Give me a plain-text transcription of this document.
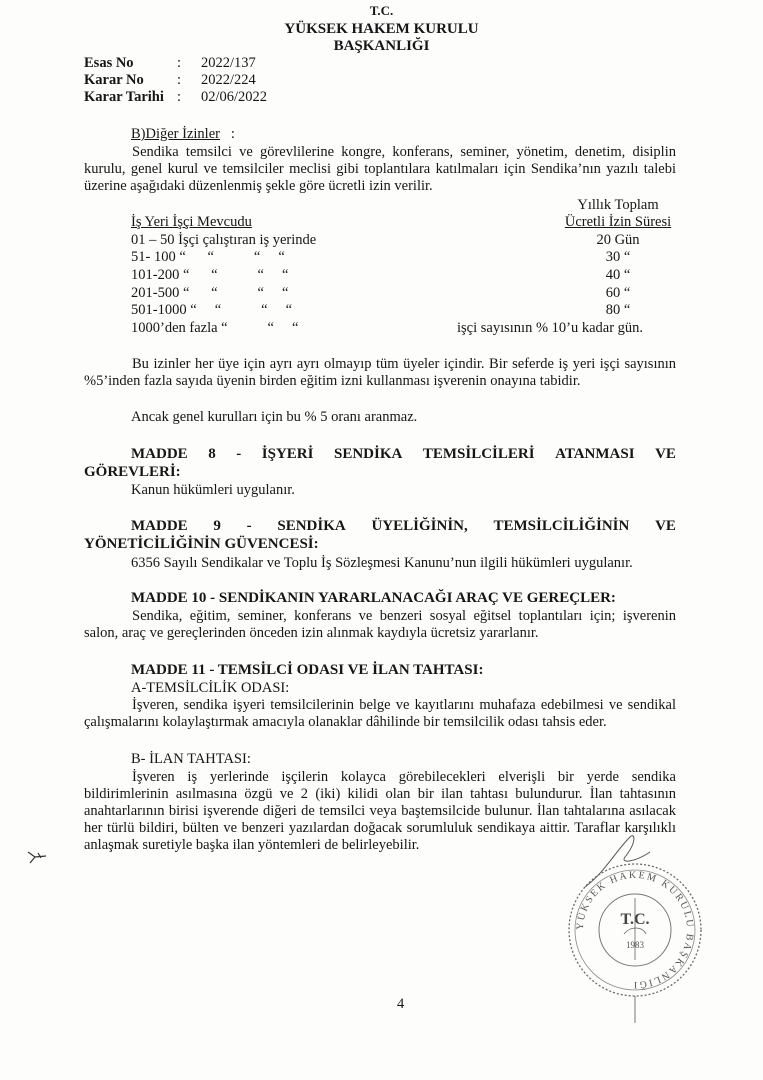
T.C.
YÜKSEK HAKEM KURULU
BAŞKANLIĞI
Esas No	: 2022/137
Karar No : 2022/224
Karar Tarihi : 02/06/2022
B)Diğer İzinler :
Sendika temsilci ve görevlilerine kongre, konferans, seminer, yönetim, denetim, disiplin kurulu, genel kurul ve temsilciler meclisi gibi toplantılara katılmaları için Sendika’nın yazılı talebi üzerine aşağıdaki düzenlenmiş şekle göre ücretli izin verilir.
Yıllık Toplam
İş Yeri İşçi Mevcudu	Ücretli İzin Süresi
01 – 50 İşçi çalıştıran iş yerinde	20 Gün
51- 100 “      “           “     “	30 “
101-200 “      “           “     “	40 “
201-500 “      “           “     “	60 “
501-1000 “     “           “     “	80 “
1000’den fazla “           “     “	işçi sayısının % 10’u kadar gün.
Bu izinler her üye için ayrı ayrı olmayıp tüm üyeler içindir. Bir seferde iş yeri işçi sayısının %5’inden fazla sayıda üyenin birden eğitim izni kullanması işverenin onayına tabidir.
Ancak genel kurulları için bu % 5 oranı aranmaz.
MADDE 8 - İŞYERİ SENDİKA TEMSİLCİLERİ ATANMASI VE
GÖREVLERİ:
Kanun hükümleri uygulanır.
MADDE 9 - SENDİKA ÜYELİĞİNİN, TEMSİLCİLİĞİNİN VE
YÖNETİCİLİĞİNİN GÜVENCESİ:
6356 Sayılı Sendikalar ve Toplu İş Sözleşmesi Kanunu’nun ilgili hükümleri uygulanır.
MADDE 10 - SENDİKANIN YARARLANACAĞI ARAÇ VE GEREÇLER:
Sendika, eğitim, seminer, konferans ve benzeri sosyal eğitsel toplantıları için; işverenin salon, araç ve gereçlerinden önceden izin alınmak kaydıyla ücretsiz yararlanır.
MADDE 11 - TEMSİLCİ ODASI VE İLAN TAHTASI:
A-TEMSİLCİLİK ODASI:
İşveren, sendika işyeri temsilcilerinin belge ve kayıtlarını muhafaza edebilmesi ve sendikal çalışmalarını kolaylaştırmak amacıyla olanaklar dâhilinde bir temsilcilik odası tahsis eder.
B- İLAN TAHTASI:
İşveren iş yerlerinde işçilerin kolayca görebilecekleri elverişli bir yerde sendika bildirimlerinin asılmasına özgü ve 2 (iki) kilidi olan bir ilan tahtası bulundurur. İlan tahtasının anahtarlarının birisi işverende diğeri de temsilci veya baştemsilcide bulunur. İlan tahtalarına asılacak her türlü bildiri, bülten ve benzeri yazılardan doğacak sorumluluk sendikaya aittir. Taraflar karşılıklı anlaşmak suretiyle başka ilan yöntemleri de belirleyebilir.
YÜKSEK HAKEM KURULU BAŞKANLIĞI
T.C.
1983
4
